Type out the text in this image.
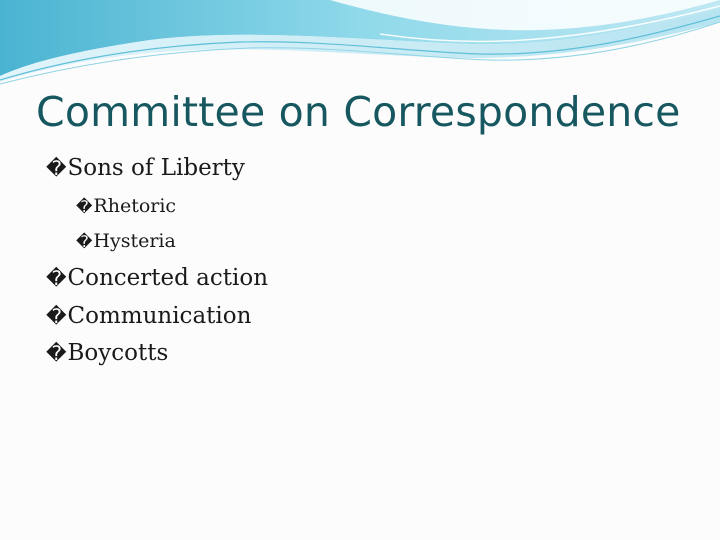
Committee on Correspondence
� Sons of Liberty
� Rhetoric
� Hysteria
� Concerted action
� Communication
� Boycotts
